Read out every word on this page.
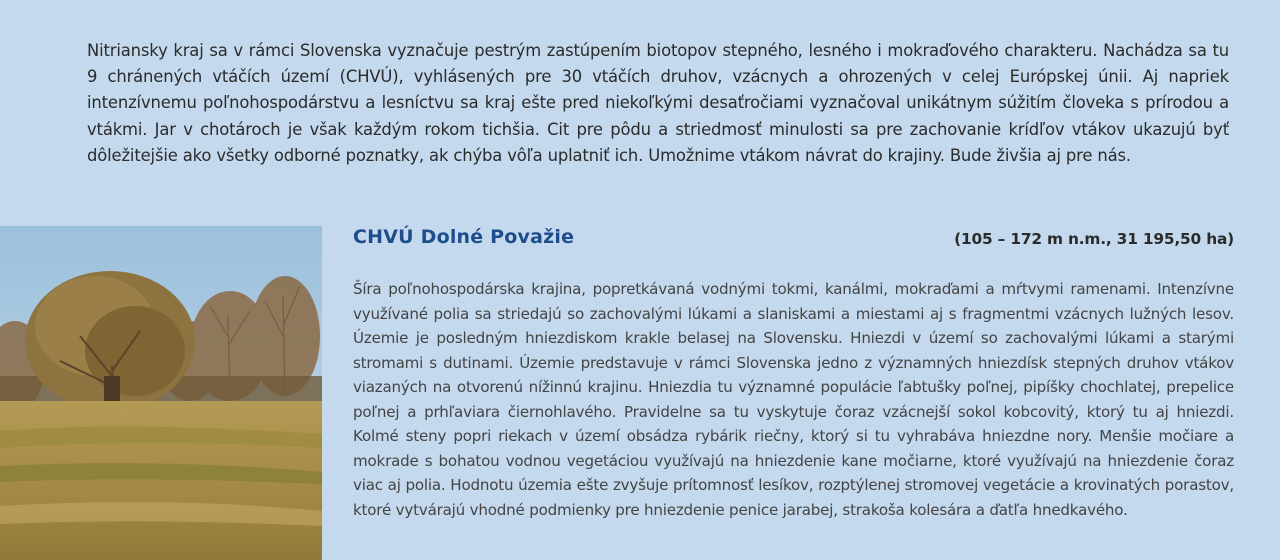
Nitriansky kraj sa v rámci Slovenska vyznačuje pestrým zastúpením biotopov stepného, lesného i mokraďového charakteru. Nachádza sa tu 9 chránených vtáčích území (CHVÚ), vyhlásených pre 30 vtáčích druhov, vzácnych a ohrozených v celej Európskej únii. Aj napriek intenzívnemu poľnohospodárstvu a lesníctvu sa kraj ešte pred niekoľkými desaťročiami vyznačoval unikátnym súžitím človeka s prírodou a vtákmi. Jar v chotároch je však každým rokom tichšia. Cit pre pôdu a striedmosť minulosti sa pre zachovanie krídľov vtákov ukazujú byť dôležitejšie ako všetky odborné poznatky, ak chýba vôľa uplatniť ich. Umožnime vtákom návrat do krajiny. Bude živšia aj pre nás.

CHVÚ Dolné Považie	(105 – 172 m n.m., 31 195,50 ha)

Šíra poľnohospodárska krajina, popretkávaná vodnými tokmi, kanálmi, mokraďami a mŕtvymi ramenami. Intenzívne využívané polia sa striedajú so zachovalými lúkami a slaniskami a miestami aj s fragmentmi vzácnych lužných lesov. Územie je posledným hniezdiskom krakle belasej na Slovensku. Hniezdi v území so zachovalými lúkami a starými stromami s dutinami. Územie predstavuje v rámci Slovenska jedno z významných hniezdísk stepných druhov vtákov viazaných na otvorenú nížinnú krajinu. Hniezdia tu významné populácie ľabtušky poľnej, pipíšky chochlatej, prepelice poľnej a prhľaviara čiernohlavého. Pravidelne sa tu vyskytuje čoraz vzácnejší sokol kobcovitý, ktorý tu aj hniezdi. Kolmé steny popri riekach v území obsádza rybárik riečny, ktorý si tu vyhrabáva hniezdne nory. Menšie močiare a mokrade s bohatou vodnou vegetáciou využívajú na hniezdenie kane močiarne, ktoré využívajú na hniezdenie čoraz viac aj polia. Hodnotu územia ešte zvyšuje prítomnosť lesíkov, rozptýlenej stromovej vegetácie a krovinatých porastov, ktoré vytvárajú vhodné podmienky pre hniezdenie penice jarabej, strakoša kolesára a ďatľa hnedkavého.
